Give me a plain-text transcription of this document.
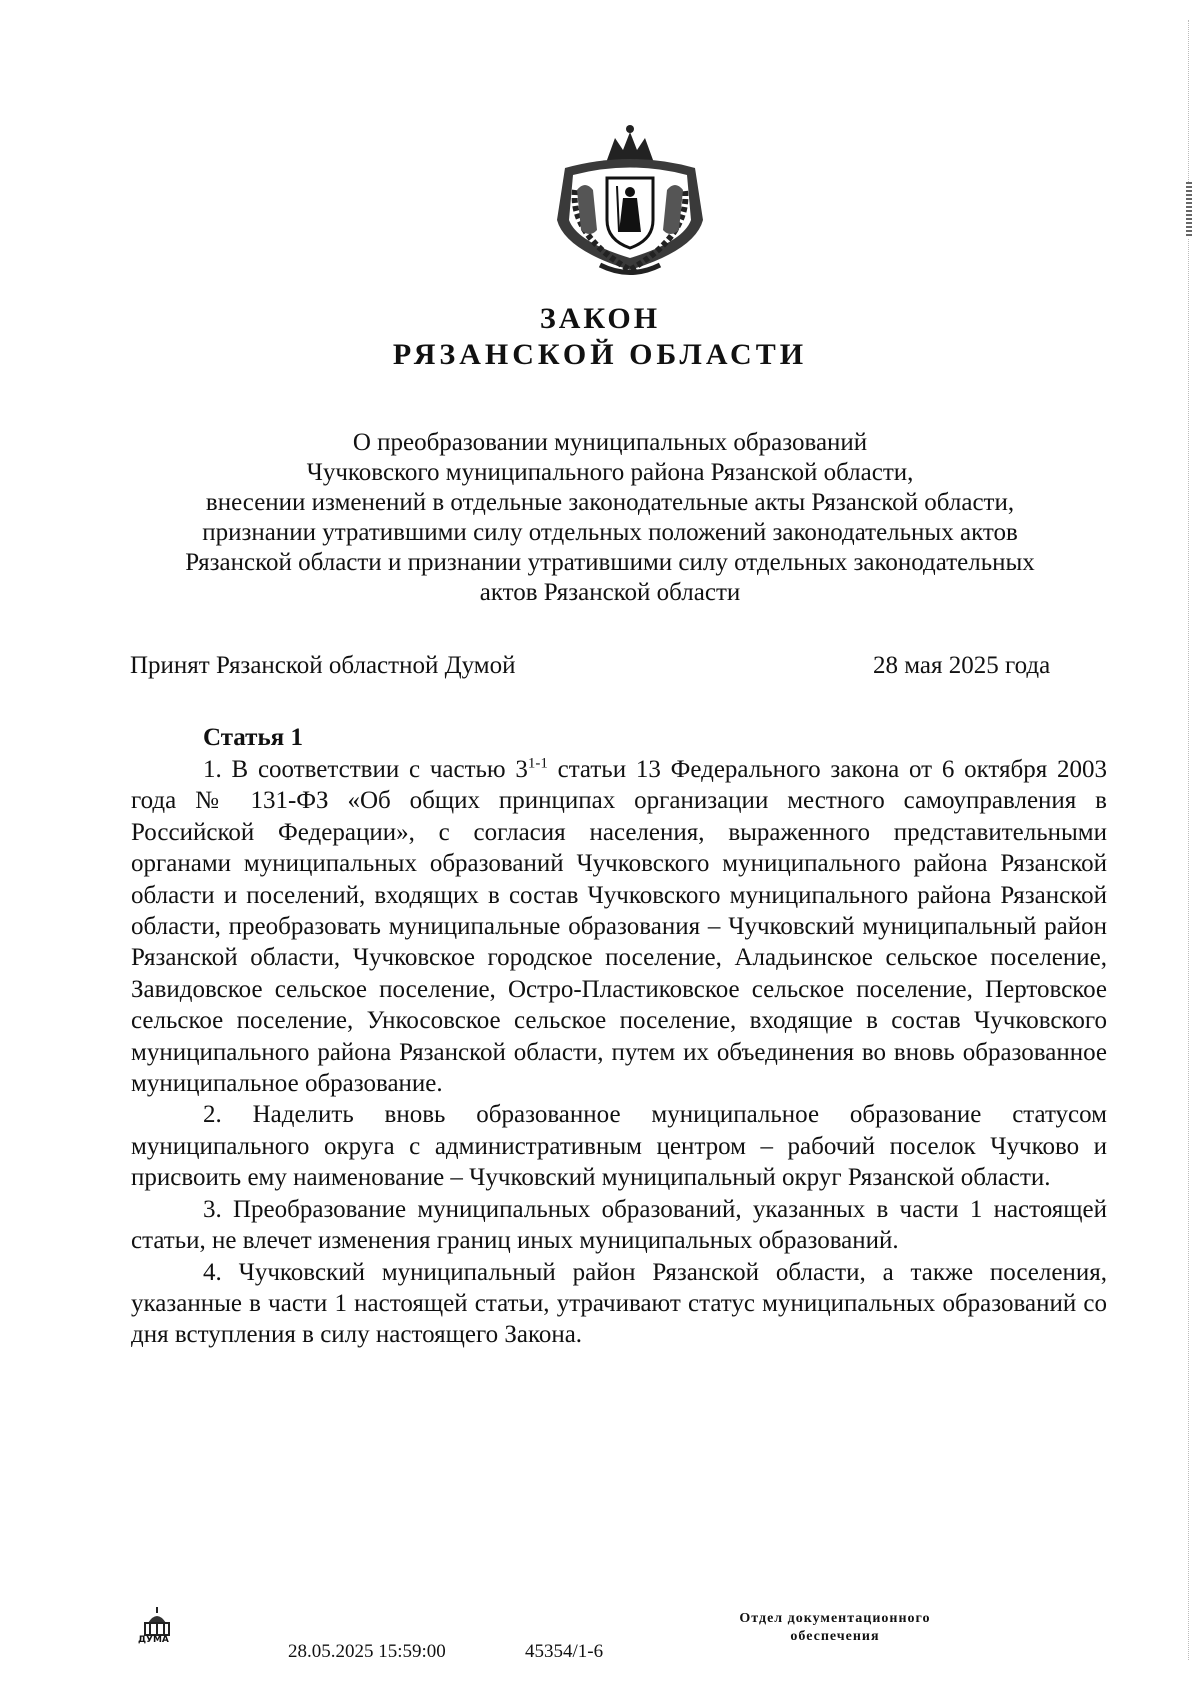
ЗАКОН
РЯЗАНСКОЙ ОБЛАСТИ
О преобразовании муниципальных образований
Чучковского муниципального района Рязанской области,
внесении изменений в отдельные законодательные акты Рязанской области,
признании утратившими силу отдельных положений законодательных актов
Рязанской области и признании утратившими силу отдельных законодательных
актов Рязанской области
Принят Рязанской областной Думой	28 мая 2025 года
Статья 1

1. В соответствии с частью 3$^{1-1}$ статьи 13 Федерального закона от 6 октября 2003 года № 131-ФЗ «Об общих принципах организации местного самоуправления в Российской Федерации», с согласия населения, выраженного представительными органами муниципальных образований Чучковского муниципального района Рязанской области и поселений, входящих в состав Чучковского муниципального района Рязанской области, преобразовать муниципальные образования – Чучковский муниципальный район Рязанской области, Чучковское городское поселение, Аладьинское сельское поселение, Завидовское сельское поселение, Остро-Пластиковское сельское поселение, Пертовское сельское поселение, Ункосовское сельское поселение, входящие в состав Чучковского муниципального района Рязанской области, путем их объединения во вновь образованное муниципальное образование.

2. Наделить вновь образованное муниципальное образование статусом муниципального округа с административным центром – рабочий поселок Чучково и присвоить ему наименование – Чучковский муниципальный округ Рязанской области.

3. Преобразование муниципальных образований, указанных в части 1 настоящей статьи, не влечет изменения границ иных муниципальных образований.

4. Чучковский муниципальный район Рязанской области, а также поселения, указанные в части 1 настоящей статьи, утрачивают статус муниципальных образований со дня вступления в силу настоящего Закона.

ДУМА
28.05.2025 15:59:00	45354/1-6
Отдел документационного
обеспечения
